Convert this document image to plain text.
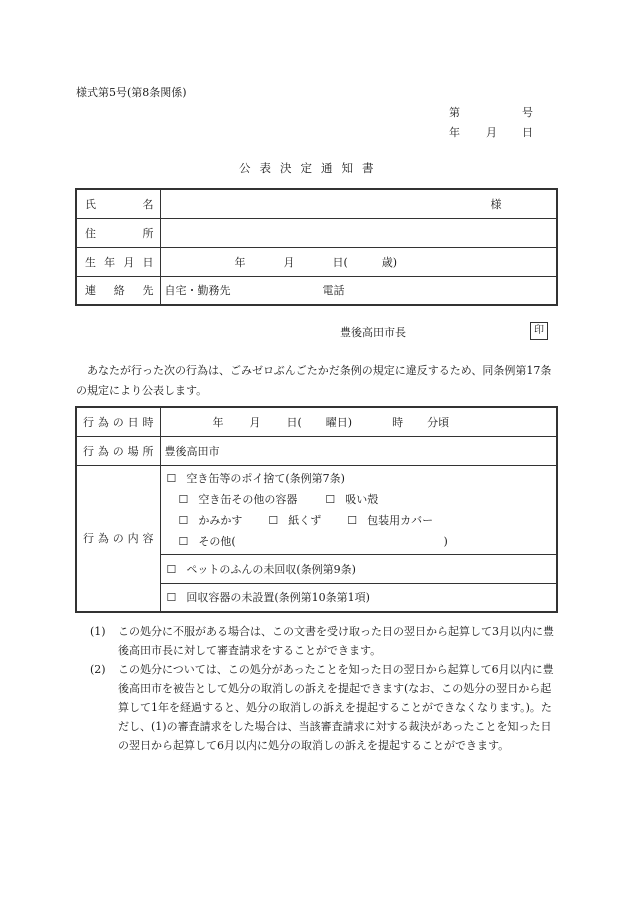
様式第5号(第8条関係)
第	号
年 月 日
公表決定通知書
氏名	様

住所	

生年月日	年 月 日( 歳)

連絡先	自宅・勤務先 電話
豊後高田市長	印
あなたが行った次の行為は、ごみゼロぶんごたかだ条例の規定に違反するため、同条例第17条の規定により公表します。
行為の日時	年 月 日( 曜日) 時 分頃

行為の場所	豊後高田市

行為の内容	☐ 空き缶等のポイ捨て(条例第7条)
☐ 空き缶その他の容器 ☐ 吸い殻
☐ かみかす ☐ 紙くず ☐ 包装用カバー
☐ その他( )

	☐ ペットのふんの未回収(条例第9条)
	☐ 回収容器の未設置(条例第10条第1項)
(1) この処分に不服がある場合は、この文書を受け取った日の翌日から起算して3月以内に豊後高田市長に対して審査請求をすることができます。
(2) この処分については、この処分があったことを知った日の翌日から起算して6月以内に豊後高田市を被告として処分の取消しの訴えを提起できます(なお、この処分の翌日から起算して1年を経過すると、処分の取消しの訴えを提起することができなくなります。)。ただし、(1)の審査請求をした場合は、当該審査請求に対する裁決があったことを知った日の翌日から起算して6月以内に処分の取消しの訴えを提起することができます。
